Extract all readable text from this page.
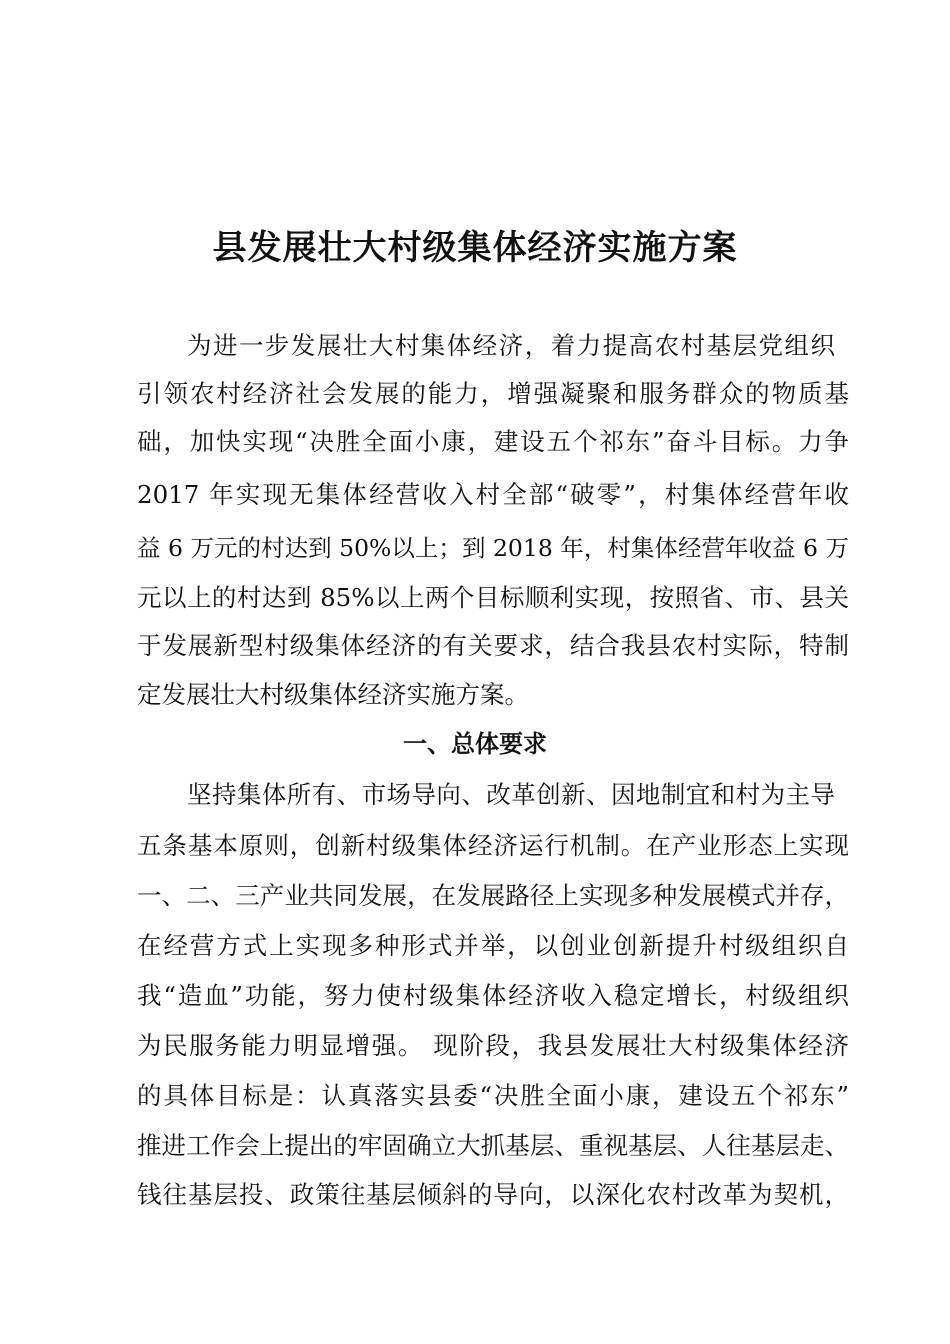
县发展壮大村级集体经济实施方案
为进一步发展壮大村集体经济，着力提高农村基层党组织
引领农村经济社会发展的能力，增强凝聚和服务群众的物质基
础，加快实现“决胜全面小康，建设五个祁东”奋斗目标。力争
2017 年实现无集体经营收入村全部“破零”，村集体经营年收
益 6 万元的村达到 50%以上；到 2018 年，村集体经营年收益 6 万
元以上的村达到 85%以上两个目标顺利实现，按照省、市、县关
于发展新型村级集体经济的有关要求，结合我县农村实际，特制
定发展壮大村级集体经济实施方案。
一、总体要求
坚持集体所有、市场导向、改革创新、因地制宜和村为主导
五条基本原则，创新村级集体经济运行机制。在产业形态上实现
一、二、三产业共同发展，在发展路径上实现多种发展模式并存，
在经营方式上实现多种形式并举，以创业创新提升村级组织自
我“造血”功能，努力使村级集体经济收入稳定增长，村级组织
为民服务能力明显增强。 现阶段，我县发展壮大村级集体经济
的具体目标是：认真落实县委“决胜全面小康，建设五个祁东”
推进工作会上提出的牢固确立大抓基层、重视基层、人往基层走、
钱往基层投、政策往基层倾斜的导向，以深化农村改革为契机，
